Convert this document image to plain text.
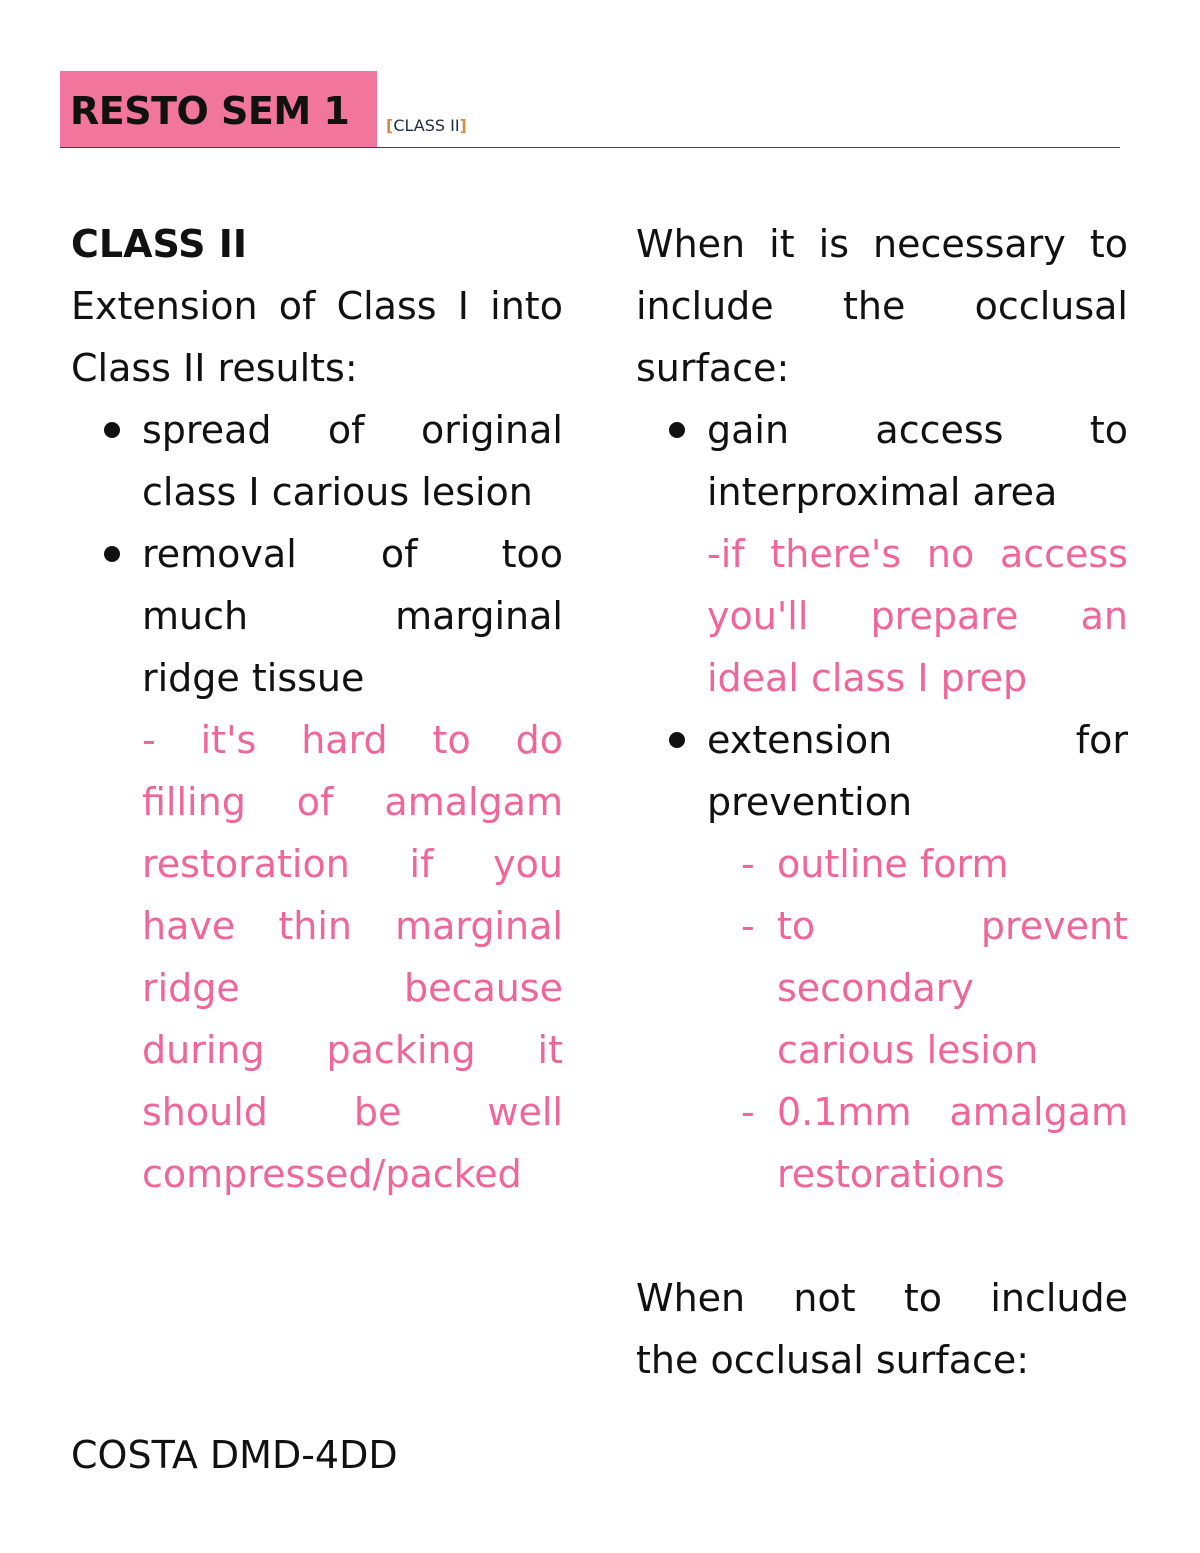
RESTO SEM 1 [CLASS II]
CLASS II
Extension of Class I into
Class II results:
spread of original
class I carious lesion
removal of too
much	marginal
ridge tissue
- it's hard to do
filling of amalgam
restoration if you
have thin marginal
ridge	because
during packing it
should be well
compressed/packed
When it is necessary to
include the occlusal
surface:
gain access to
interproximal area
-if there's no access
you'll prepare an
ideal class I prep
extension	for
prevention
- outline form
- to	prevent
secondary
carious lesion
- 0.1mm amalgam
restorations
When not to include
the occlusal surface:
COSTA DMD-4DD
